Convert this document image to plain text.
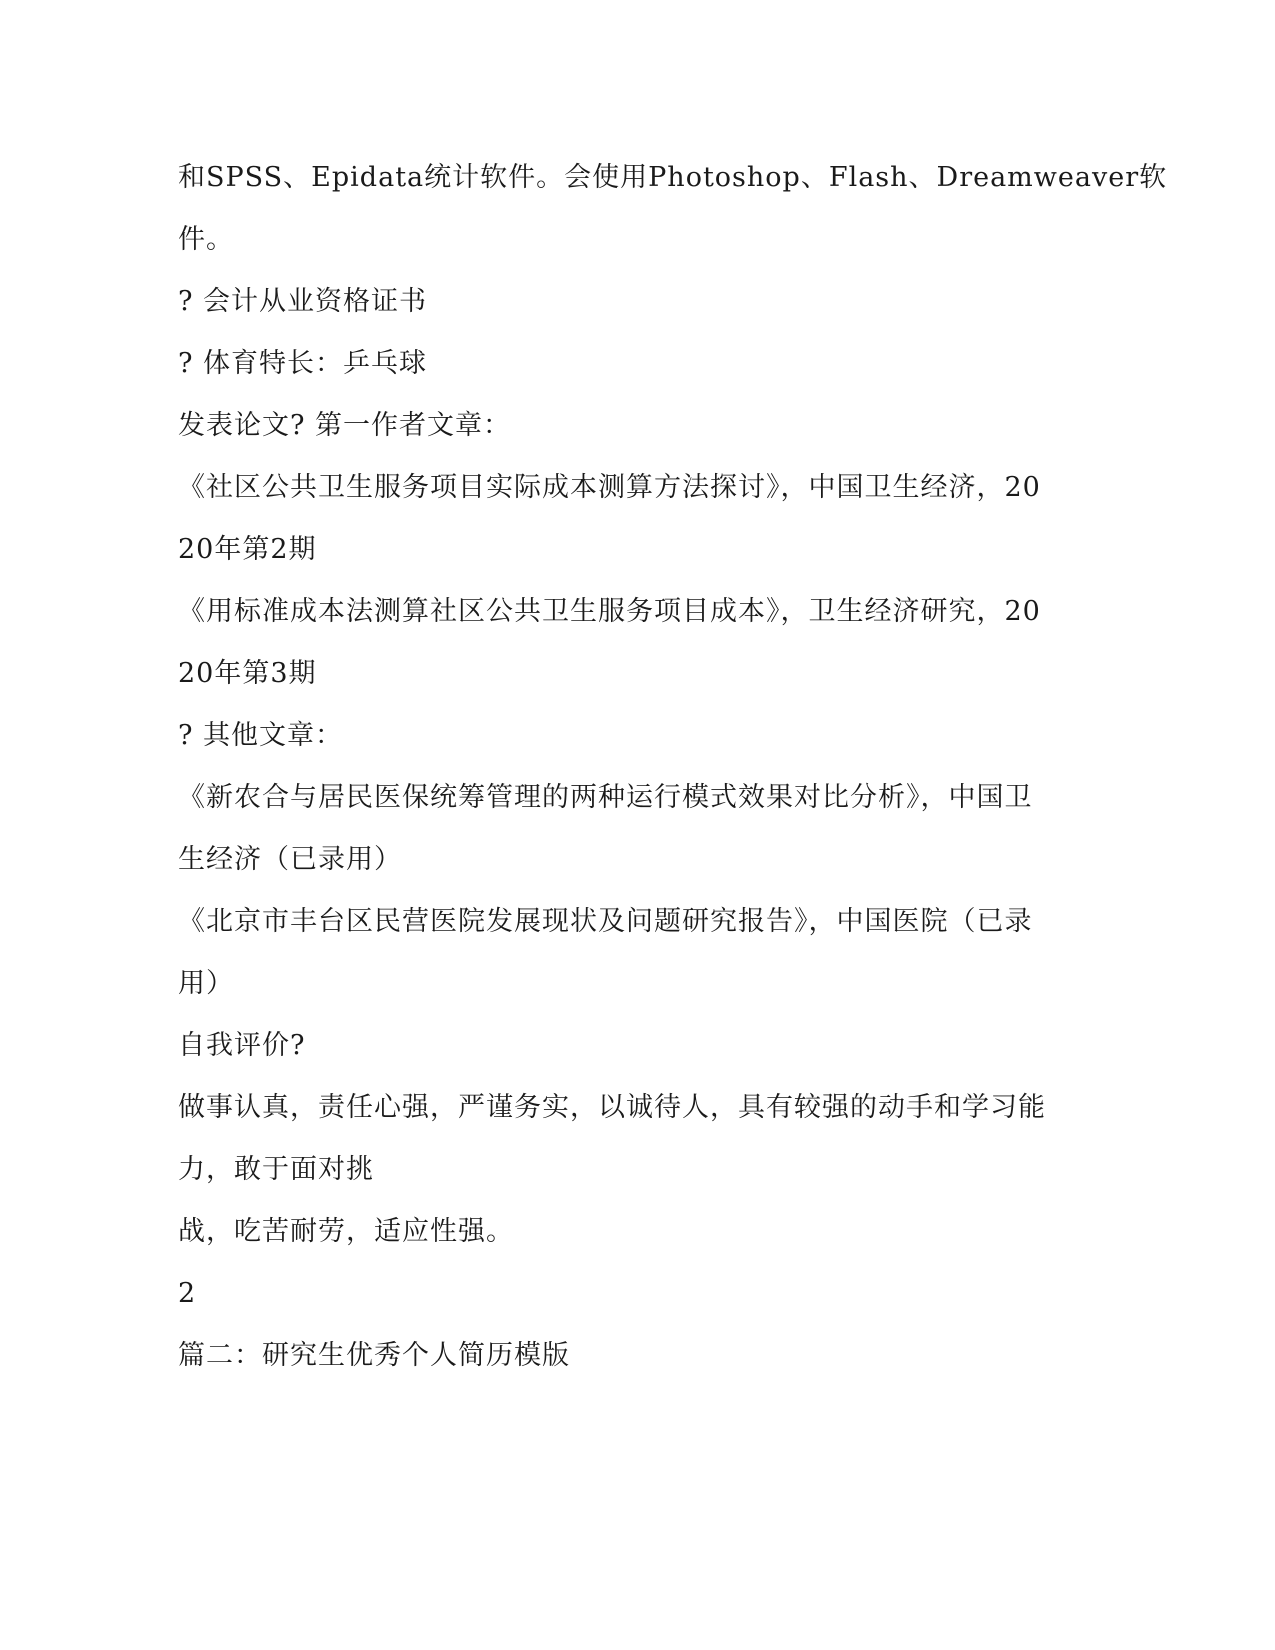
和SPSS、Epidata统计软件。会使用Photoshop、Flash、Dreamweaver软
件。
? 会计从业资格证书
? 体育特长：乒乓球
发表论文? 第一作者文章：
《社区公共卫生服务项目实际成本测算方法探讨》，中国卫生经济，20
20年第2期
《用标准成本法测算社区公共卫生服务项目成本》，卫生经济研究，20
20年第3期
? 其他文章：
《新农合与居民医保统筹管理的两种运行模式效果对比分析》，中国卫
生经济（已录用）
《北京市丰台区民营医院发展现状及问题研究报告》，中国医院（已录
用）
自我评价?
做事认真，责任心强，严谨务实，以诚待人，具有较强的动手和学习能
力，敢于面对挑
战，吃苦耐劳，适应性强。
2
篇二：研究生优秀个人简历模版
